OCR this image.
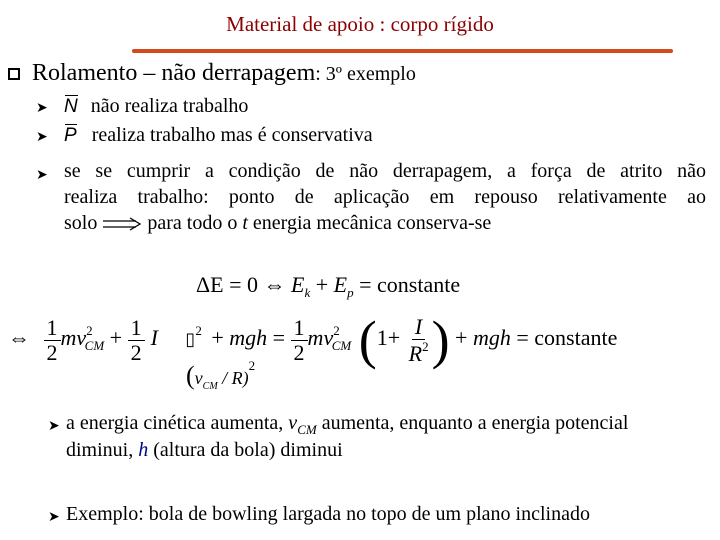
Material de apoio : corpo rígido
Rolamento – não derrapagem: 3º exemplo
➤ N não realiza trabalho
➤ P realiza trabalho mas é conservativa
➤ se se cumprir a condição de não derrapagem, a força de atrito não
realiza trabalho: ponto de aplicação em repouso relativamente ao
solo	para todo o t energia mecânica conserva-se
ΔE = 0 ⇔ $E_k + E_p$ = constante
⇔ $\frac{1}{2} mv^2_{CM} + \frac{1}{2}$ I ▯$^2$ + mgh = $\frac{1}{2} mv^2_{CM}$ ($1+ \frac{I}{R^2}$ ) + mgh = constante
$(v_{CM} / R)^2$
➤ a energia cinética aumenta, $v_{CM}$ aumenta, enquanto a energia potencial
diminui, h (altura da bola) diminui
➤ Exemplo: bola de bowling largada no topo de um plano inclinado
